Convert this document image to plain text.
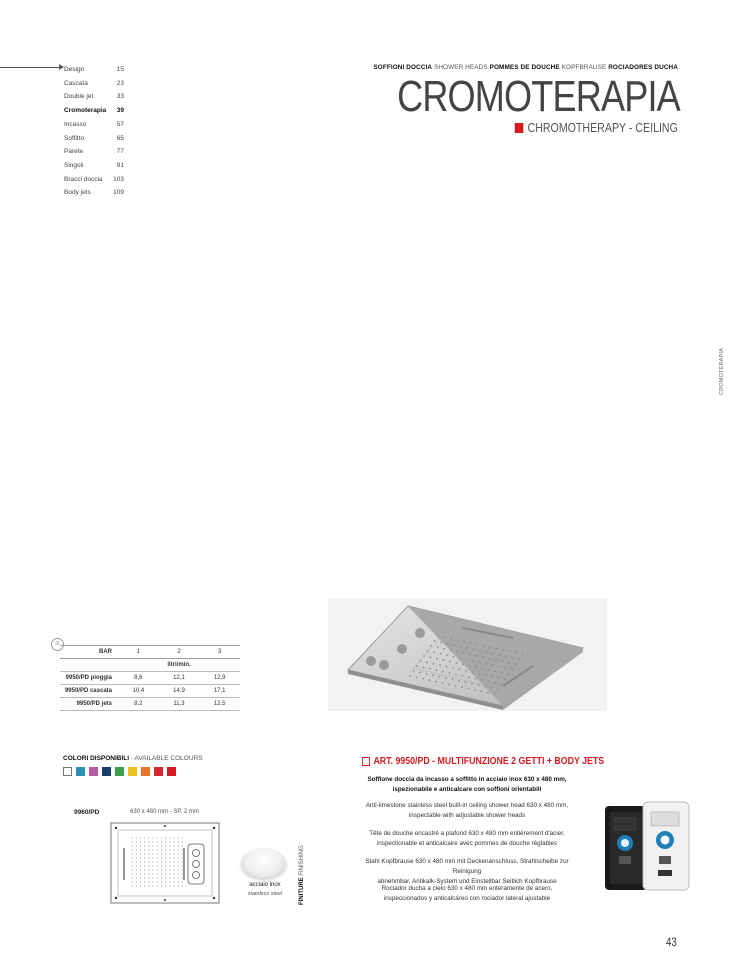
Design	15
Cascata	23
Double jet	33
Cromoterapia 39
Incasso	57
Soffitto	65
Parete	77
Singoli	91
Bracci doccia 103
Body jets	109
SOFFIONI DOCCIA SHOWER HEADS POMMES DE DOUCHE KOPFBRAUSE ROCIADORES DUCHA
CROMOTERAPIA
CHROMOTHERAPY - CEILING
CROMOTERAPIA
⊘
BAR	1	2	3
	litri/min.		
9950/PD pioggia	8,6	12,1	12,9
9950/PD cascata	10,4	14,9	17,1
9950/PD jets	8,2	11,3	12,5
COLORI DISPONIBILI - AVAILABLE COLOURS
9960/PD	630 x 480 mm - SP. 2 mm
acciaio inox
stainless steel	FINITURE FINISHING
ART. 9950/PD - MULTIFUNZIONE 2 GETTI + BODY JETS
Soffione doccia da incasso a soffitto in acciaio inox 630 x 480 mm,
ispezionabile e anticalcare con soffioni orientabili
Anti-limestone stainless steel built-in ceiling shower head 630 x 480 mm,
inspectable with adjustable shower heads
Tête de douche encastré a plafond 630 x 480 mm entièrement d'acier,
inspectionable et anticalcaire avec pommes de douche réglables
Stahl Kopfbrause 630 x 480 mm mit Deckenanschluss, Strahlscheibe zur Reinigung
abnehmbar, Antikalk-System und Einstellbar Seitlich Kopfbrause
Rociador ducha a cielo 630 x 480 mm enteramente de acero,
inspeccionados y anticalcáreo con rociador lateral ajustable
43
